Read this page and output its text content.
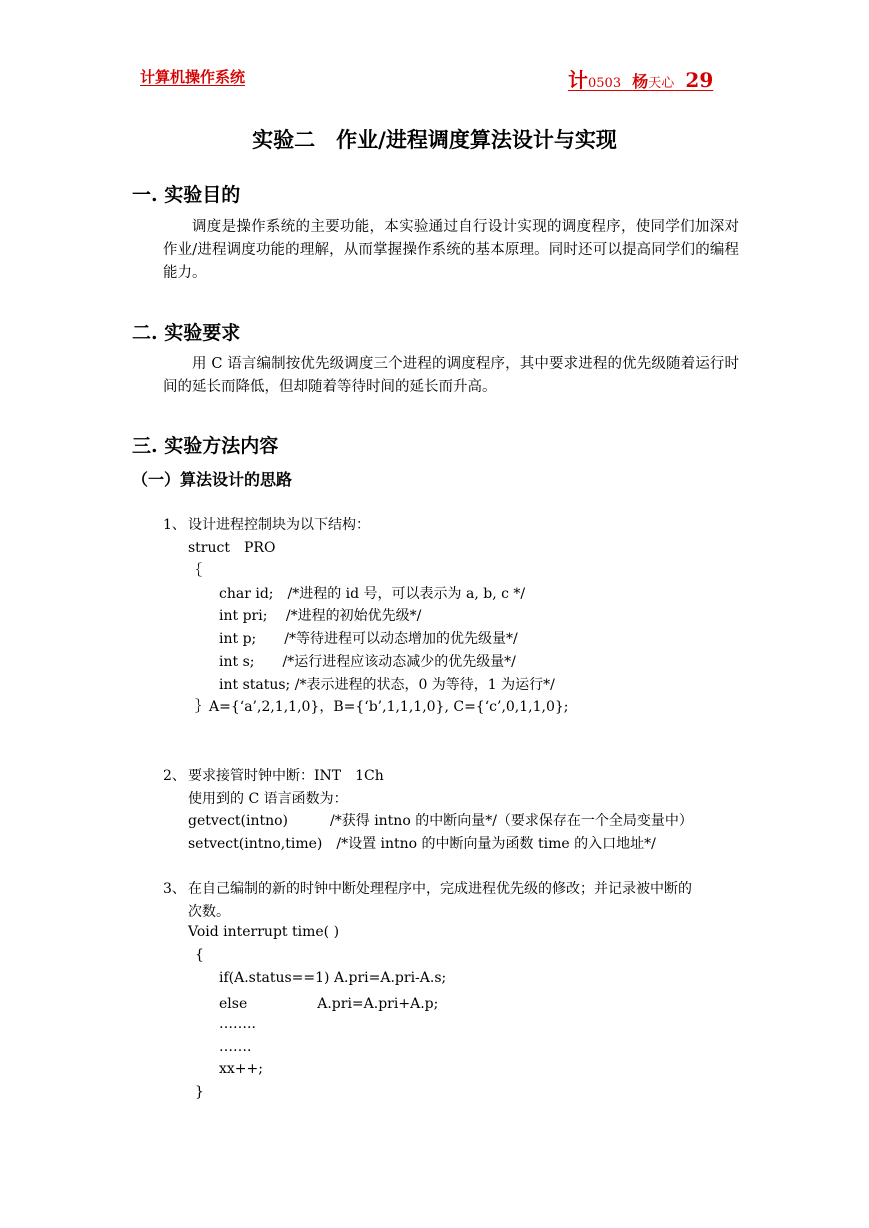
计算机操作系统	计0503 杨天心 29
实验二　作业/进程调度算法设计与实现
一. 实验目的

调度是操作系统的主要功能，本实验通过自行设计实现的调度程序，使同学们加深对作业/进程调度功能的理解，从而掌握操作系统的基本原理。同时还可以提高同学们的编程能力。

二. 实验要求

用 C 语言编制按优先级调度三个进程的调度程序，其中要求进程的优先级随着运行时间的延长而降低，但却随着等待时间的延长而升高。

三. 实验方法内容
（一）算法设计的思路
1、 设计进程控制块为以下结构：
struct　PRO
｛
char id;　/*进程的 id 号，可以表示为 a, b, c */
int pri;　 /*进程的初始优先级*/
int p;　　/*等待进程可以动态增加的优先级量*/
int s;　　/*运行进程应该动态减少的优先级量*/
int status; /*表示进程的状态，0 为等待，1 为运行*/
｝A={‘a’,2,1,1,0}，B={‘b’,1,1,1,0}, C={‘c’,0,1,1,0};
2、 要求接管时钟中断：INT　1Ch
使用到的 C 语言函数为：
getvect(intno)　　　/*获得 intno 的中断向量*/（要求保存在一个全局变量中）
setvect(intno,time)　/*设置 intno 的中断向量为函数 time 的入口地址*/
3、 在自己编制的新的时钟中断处理程序中，完成进程优先级的修改；并记录被中断的
次数。
Void interrupt time( )
{
if(A.status==1) A.pri=A.pri-A.s;
else　　　　　A.pri=A.pri+A.p;
……..
…….
xx++;
}
